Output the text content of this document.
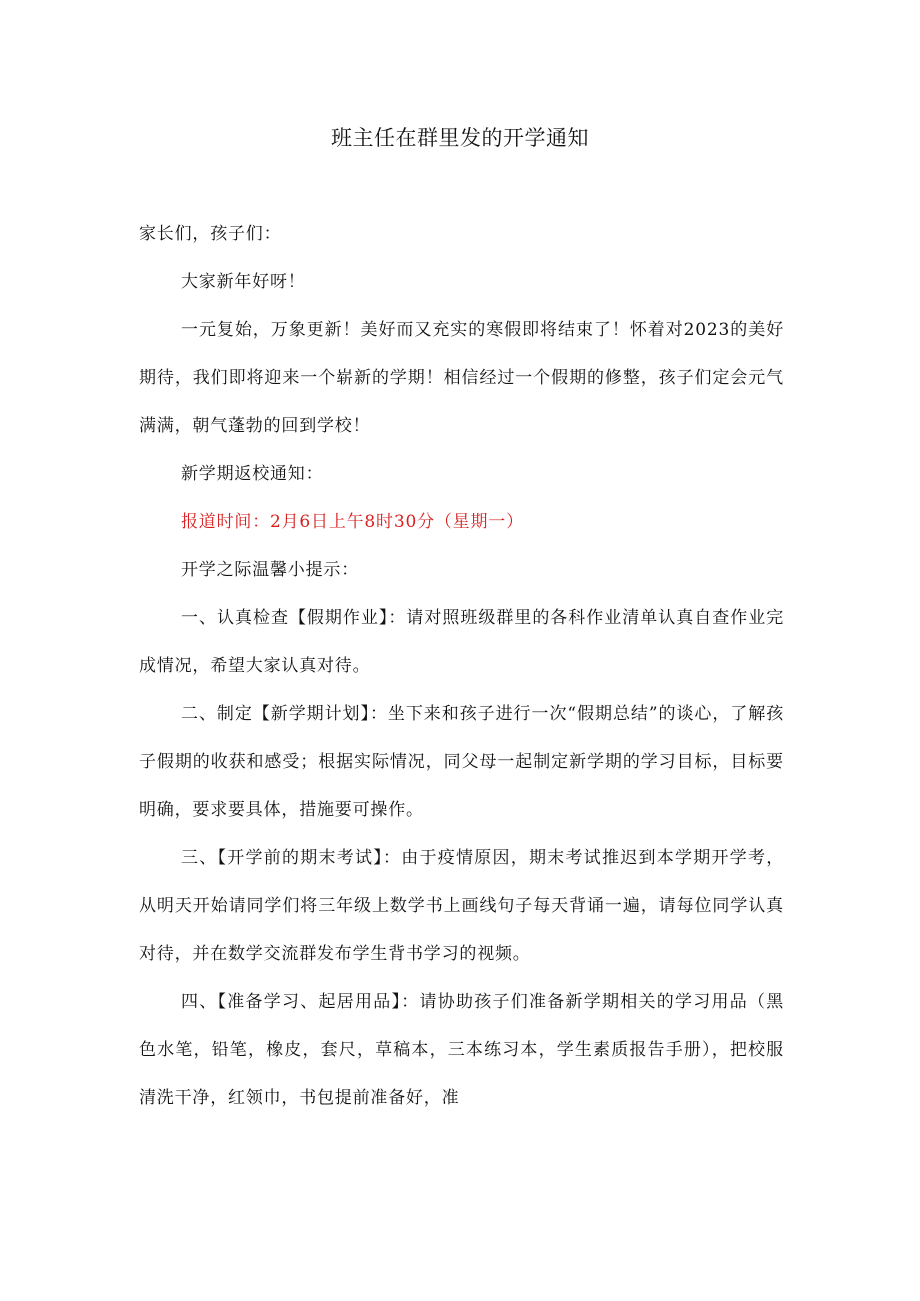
班主任在群里发的开学通知

家长们，孩子们：

大家新年好呀！

一元复始，万象更新！美好而又充实的寒假即将结束了！怀着对2023的美好期待，我们即将迎来一个崭新的学期！相信经过一个假期的修整，孩子们定会元气满满，朝气蓬勃的回到学校！

新学期返校通知：

报道时间：2月6日上午8时30分（星期一）

开学之际温馨小提示：

一、认真检查【假期作业】：请对照班级群里的各科作业清单认真自查作业完成情况，希望大家认真对待。

二、制定【新学期计划】：坐下来和孩子进行一次“假期总结”的谈心，了解孩子假期的收获和感受；根据实际情况，同父母一起制定新学期的学习目标，目标要明确，要求要具体，措施要可操作。

三、【开学前的期末考试】：由于疫情原因，期末考试推迟到本学期开学考，从明天开始请同学们将三年级上数学书上画线句子每天背诵一遍，请每位同学认真对待，并在数学交流群发布学生背书学习的视频。

四、【准备学习、起居用品】：请协助孩子们准备新学期相关的学习用品（黑色水笔，铅笔，橡皮，套尺，草稿本，三本练习本，学生素质报告手册），把校服清洗干净，红领巾，书包提前准备好，准
